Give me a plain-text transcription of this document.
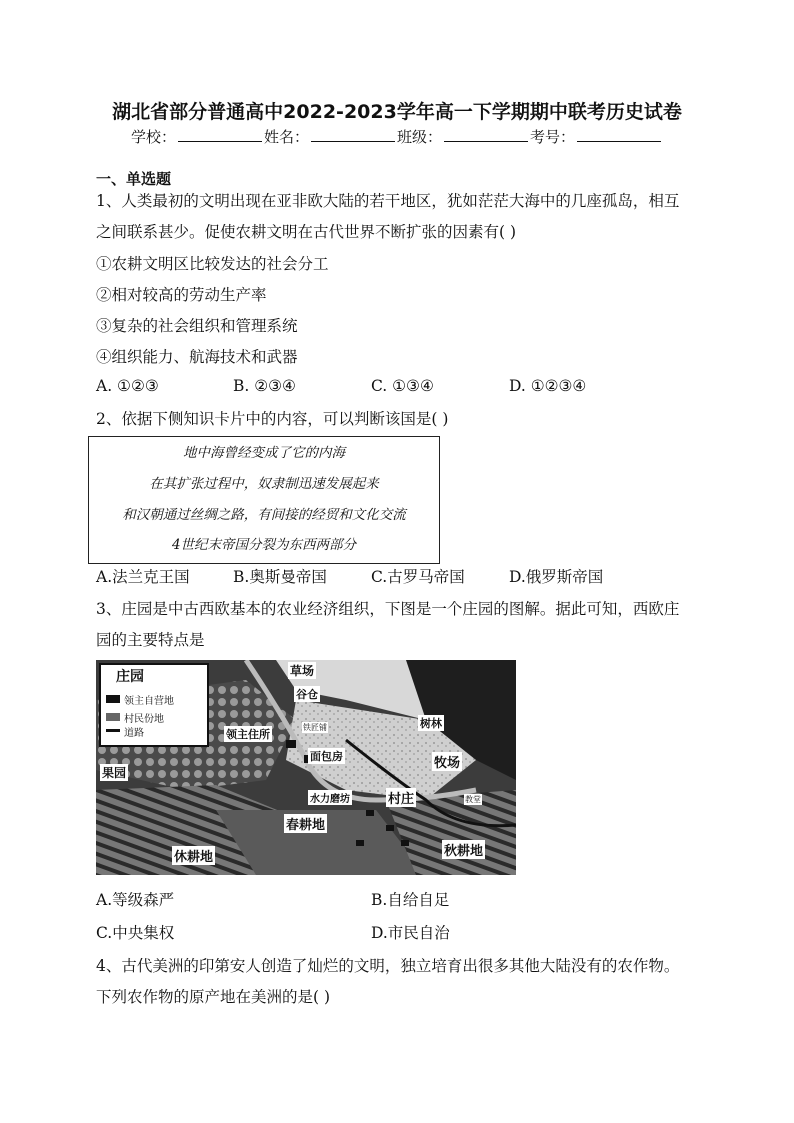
湖北省部分普通高中2022-2023学年高一下学期期中联考历史试卷
学校：	姓名：	班级：	考号：
一、单选题
1、人类最初的文明出现在亚非欧大陆的若干地区，犹如茫茫大海中的几座孤岛，相互
之间联系甚少。促使农耕文明在古代世界不断扩张的因素有( )
①农耕文明区比较发达的社会分工
②相对较高的劳动生产率
③复杂的社会组织和管理系统
④组织能力、航海技术和武器
A. ①②③	B. ②③④	C. ①③④	D. ①②③④
2、依据下侧知识卡片中的内容，可以判断该国是( )
地中海曾经变成了它的内海
在其扩张过程中，奴隶制迅速发展起来
和汉朝通过丝绸之路，有间接的经贸和文化交流
4世纪末帝国分裂为东西两部分
A.法兰克王国	B.奥斯曼帝国	C.古罗马帝国	D.俄罗斯帝国
3、庄园是中古西欧基本的农业经济组织，下图是一个庄园的图解。据此可知，西欧庄
园的主要特点是
庄园
领主自营地
村民份地
道路
草场
谷仓
铁匠铺
领主住所
面包房
树林
牧场
果园
水力磨坊	村庄	教堂
春耕地
休耕地	秋耕地
A.等级森严	B.自给自足
C.中央集权	D.市民自治
4、古代美洲的印第安人创造了灿烂的文明，独立培育出很多其他大陆没有的农作物。
下列农作物的原产地在美洲的是( )
